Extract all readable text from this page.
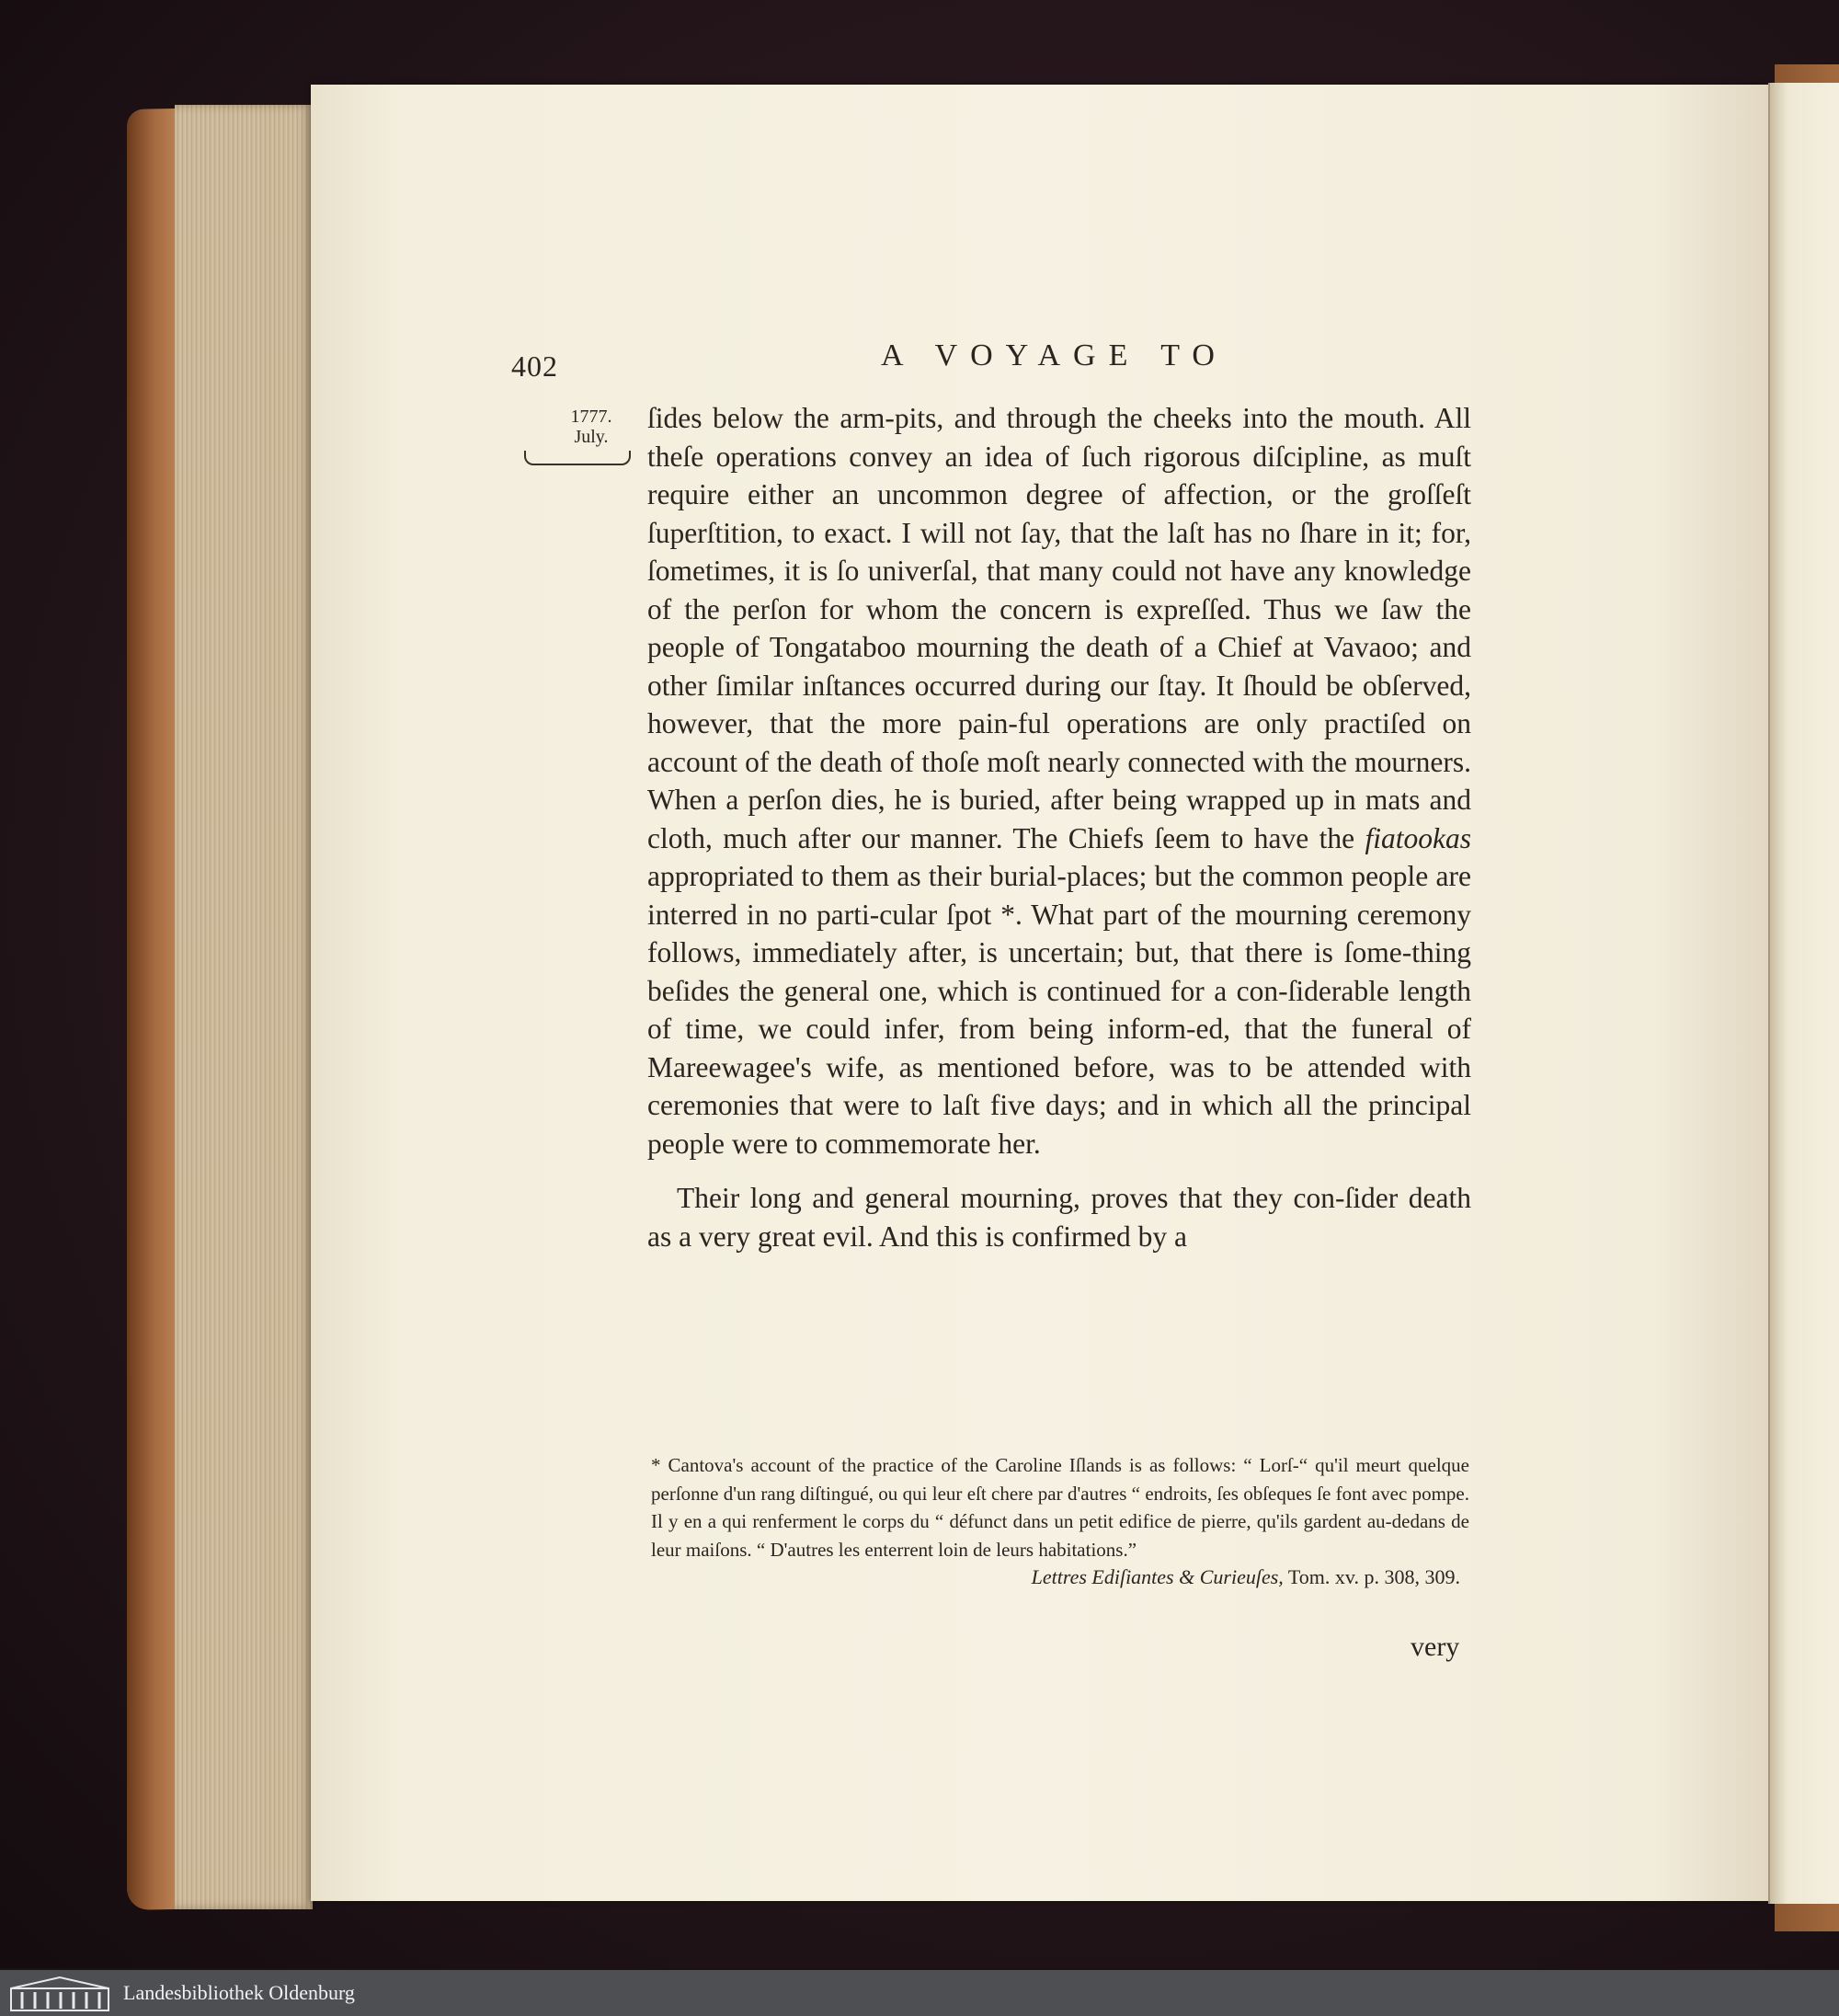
402	A VOYAGE TO
1777.
July.

ſides below the arm-pits, and through the cheeks into the mouth. All theſe operations convey an idea of ſuch rigorous diſcipline, as muſt require either an uncommon degree of affection, or the groſſeſt ſuperſtition, to exact. I will not ſay, that the laſt has no ſhare in it; for, ſometimes, it is ſo univerſal, that many could not have any knowledge of the perſon for whom the concern is expreſſed. Thus we ſaw the people of Tongataboo mourning the death of a Chief at Vavaoo; and other ſimilar inſtances occurred during our ſtay. It ſhould be obſerved, however, that the more pain-ful operations are only practiſed on account of the death of thoſe moſt nearly connected with the mourners. When a perſon dies, he is buried, after being wrapped up in mats and cloth, much after our manner. The Chiefs ſeem to have the fiatookas appropriated to them as their burial-places; but the common people are interred in no parti-cular ſpot *. What part of the mourning ceremony follows, immediately after, is uncertain; but, that there is ſome-thing beſides the general one, which is continued for a con-ſiderable length of time, we could infer, from being inform-ed, that the funeral of Mareewagee's wife, as mentioned before, was to be attended with ceremonies that were to laſt five days; and in which all the principal people were to commemorate her.

Their long and general mourning, proves that they con-ſider death as a very great evil. And this is confirmed by a

* Cantova's account of the practice of the Caroline Iſlands is as follows: “ Lorſ-“ qu'il meurt quelque perſonne d'un rang diſtingué, ou qui leur eſt chere par d'autres “ endroits, ſes obſeques ſe font avec pompe. Il y en a qui renferment le corps du “ défunct dans un petit edifice de pierre, qu'ils gardent au-dedans de leur maiſons. “ D'autres les enterrent loin de leurs habitations.”

Lettres Ediſiantes & Curieuſes, Tom. xv. p. 308, 309.

very
Landesbibliothek Oldenburg
